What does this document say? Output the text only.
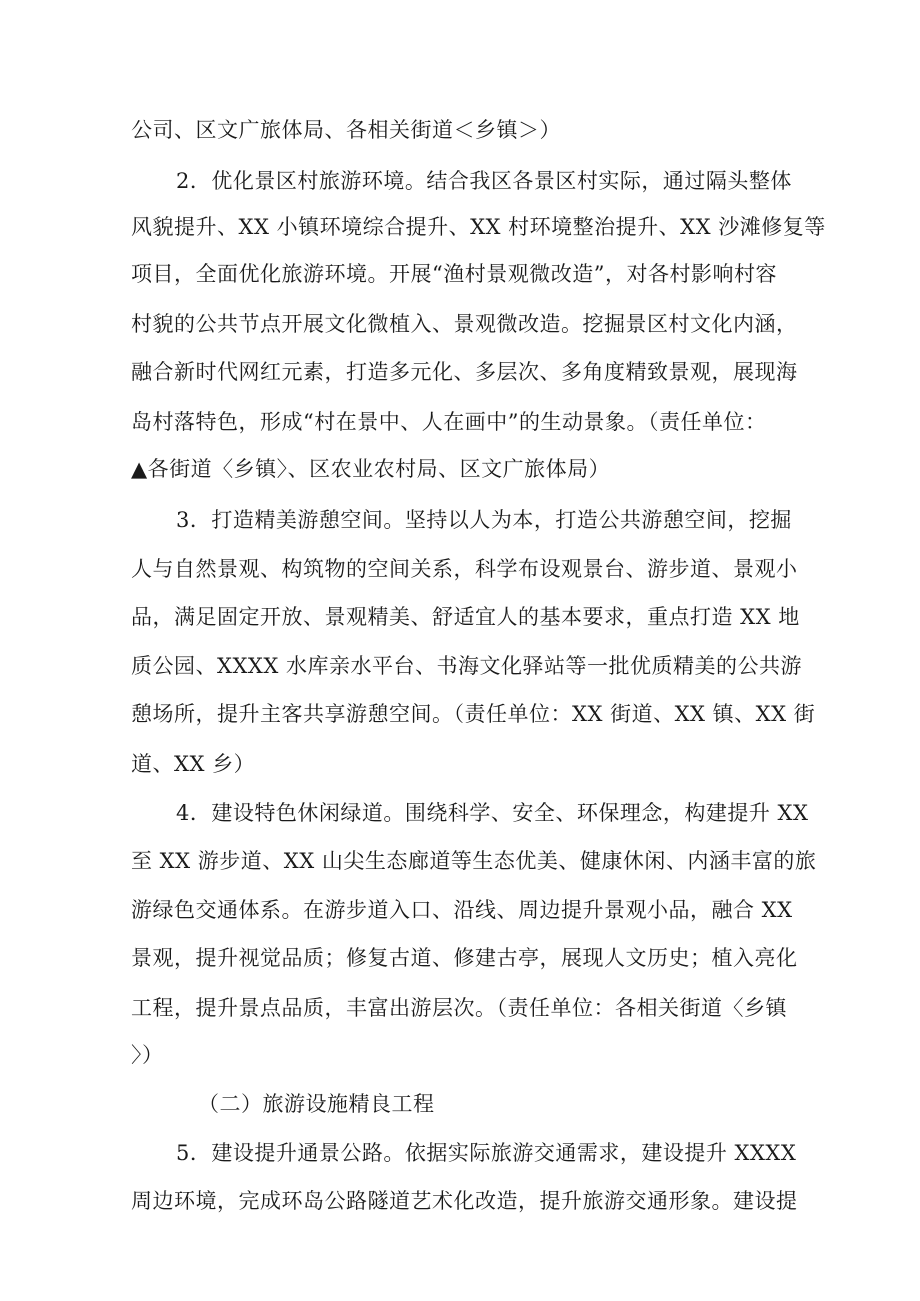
公司、区文广旅体局、各相关街道＜乡镇＞）
2．优化景区村旅游环境。结合我区各景区村实际，通过隔头整体
风貌提升、XX 小镇环境综合提升、XX 村环境整治提升、XX 沙滩修复等
项目，全面优化旅游环境。开展“渔村景观微改造”，对各村影响村容
村貌的公共节点开展文化微植入、景观微改造。挖掘景区村文化内涵，
融合新时代网红元素，打造多元化、多层次、多角度精致景观，展现海
岛村落特色，形成“村在景中、人在画中”的生动景象。（责任单位：
▲各街道〈乡镇〉、区农业农村局、区文广旅体局）
3．打造精美游憩空间。坚持以人为本，打造公共游憩空间，挖掘
人与自然景观、构筑物的空间关系，科学布设观景台、游步道、景观小
品，满足固定开放、景观精美、舒适宜人的基本要求，重点打造 XX 地
质公园、XXXX 水库亲水平台、书海文化驿站等一批优质精美的公共游
憩场所，提升主客共享游憩空间。（责任单位：XX 街道、XX 镇、XX 街
道、XX 乡）
4．建设特色休闲绿道。围绕科学、安全、环保理念，构建提升 XX
至 XX 游步道、XX 山尖生态廊道等生态优美、健康休闲、内涵丰富的旅
游绿色交通体系。在游步道入口、沿线、周边提升景观小品，融合 XX
景观，提升视觉品质；修复古道、修建古亭，展现人文历史；植入亮化
工程，提升景点品质，丰富出游层次。（责任单位：各相关街道〈乡镇
〉）
（二）旅游设施精良工程
5．建设提升通景公路。依据实际旅游交通需求，建设提升 XXXX
周边环境，完成环岛公路隧道艺术化改造，提升旅游交通形象。建设提
